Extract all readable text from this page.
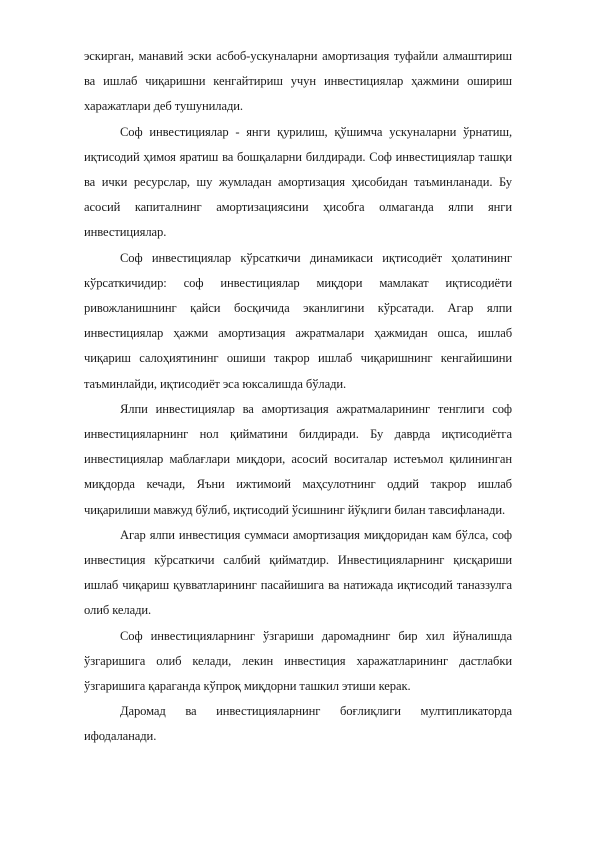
эскирган, манавий эски асбоб-ускуналарни амортизация туфайли алмаштириш ва ишлаб чиқаришни кенгайтириш учун инвестициялар ҳажмини ошириш харажатлари деб тушунилади.

Соф инвестициялар - янги қурилиш, қўшимча ускуналарни ўрнатиш, иқтисодий ҳимоя яратиш ва бошқаларни билдиради. Соф инвестициялар ташқи ва ички ресурслар, шу жумладан амортизация ҳисобидан таъминланади. Бу асосий капиталнинг амортизациясини ҳисобга олмаганда ялпи янги инвестициялар.

Соф инвестициялар кўрсаткичи динамикаси иқтисодиёт ҳолатининг кўрсаткичидир: соф инвестициялар миқдори мамлакат иқтисодиёти ривожланишнинг қайси босқичида эканлигини кўрсатади. Агар ялпи инвестициялар ҳажми амортизация ажратмалари ҳажмидан ошса, ишлаб чиқариш салоҳиятининг ошиши такрор ишлаб чиқаришнинг кенгайишини таъминлайди, иқтисодиёт эса юксалишда бўлади.

Ялпи инвестициялар ва амортизация ажратмаларининг тенглиги соф инвестицияларнинг нол қийматини билдиради. Бу даврда иқтисодиётга инвестициялар маблағлари миқдори, асосий воситалар истеъмол қилининган миқдорда кечади, Яъни ижтимоий маҳсулотнинг оддий такрор ишлаб чиқарилиши мавжуд бўлиб, иқтисодий ўсишнинг йўқлиги билан тавсифланади.

Агар ялпи инвестиция суммаси амортизация миқдоридан кам бўлса, соф инвестиция кўрсаткичи салбий қийматдир. Инвестицияларнинг қисқариши ишлаб чиқариш қувватларининг пасайишига ва натижада иқтисодий таназзулга олиб келади.

Соф инвестицияларнинг ўзгариши даромаднинг бир хил йўналишда ўзгаришига олиб келади, лекин инвестиция харажатларининг дастлабки ўзгаришига қараганда кўпроқ миқдорни ташкил этиши керак.

Даромад ва инвестицияларнинг боғлиқлиги мултипликаторда ифодаланади.
